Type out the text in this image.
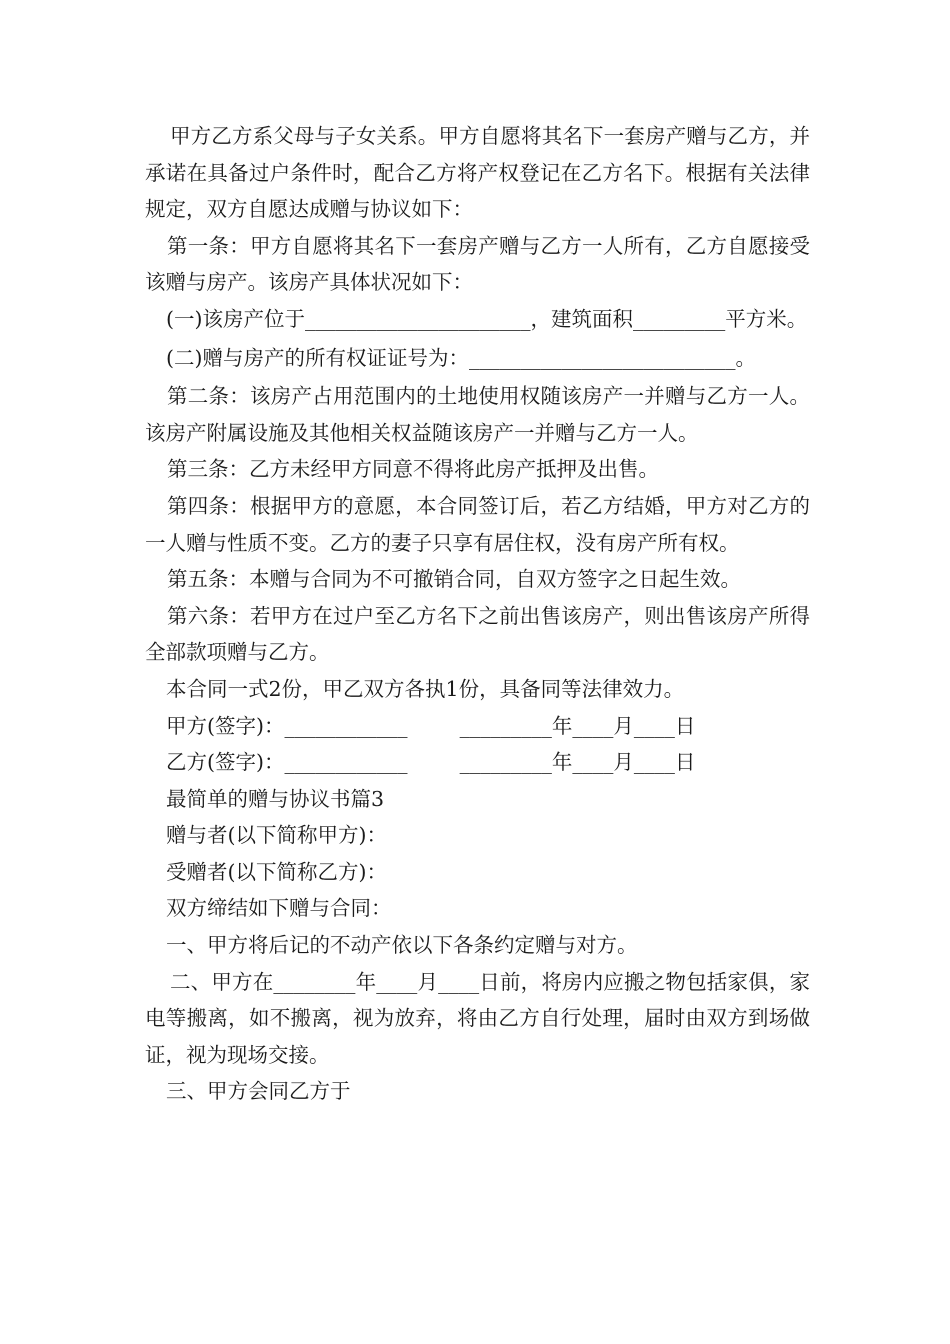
甲方乙方系父母与子女关系。甲方自愿将其名下一套房产赠与乙方，并承诺在具备过户条件时，配合乙方将产权登记在乙方名下。根据有关法律规定，双方自愿达成赠与协议如下：

第一条：甲方自愿将其名下一套房产赠与乙方一人所有，乙方自愿接受该赠与房产。该房产具体状况如下：

(一)该房产位于______________________，建筑面积_________平方米。

(二)赠与房产的所有权证证号为：__________________________。

第二条：该房产占用范围内的土地使用权随该房产一并赠与乙方一人。该房产附属设施及其他相关权益随该房产一并赠与乙方一人。

第三条：乙方未经甲方同意不得将此房产抵押及出售。

第四条：根据甲方的意愿，本合同签订后，若乙方结婚，甲方对乙方的一人赠与性质不变。乙方的妻子只享有居住权，没有房产所有权。

第五条：本赠与合同为不可撤销合同，自双方签字之日起生效。

第六条：若甲方在过户至乙方名下之前出售该房产，则出售该房产所得全部款项赠与乙方。

本合同一式2份，甲乙双方各执1份，具备同等法律效力。

甲方(签字)：____________        _________年____月____日

乙方(签字)：____________        _________年____月____日

最简单的赠与协议书篇3

赠与者(以下简称甲方)：

受赠者(以下简称乙方)：

双方缔结如下赠与合同：

一、甲方将后记的不动产依以下各条约定赠与对方。

二、甲方在________年____月____日前，将房内应搬之物包括家俱，家电等搬离，如不搬离，视为放弃，将由乙方自行处理，届时由双方到场做证，视为现场交接。

三、甲方会同乙方于
